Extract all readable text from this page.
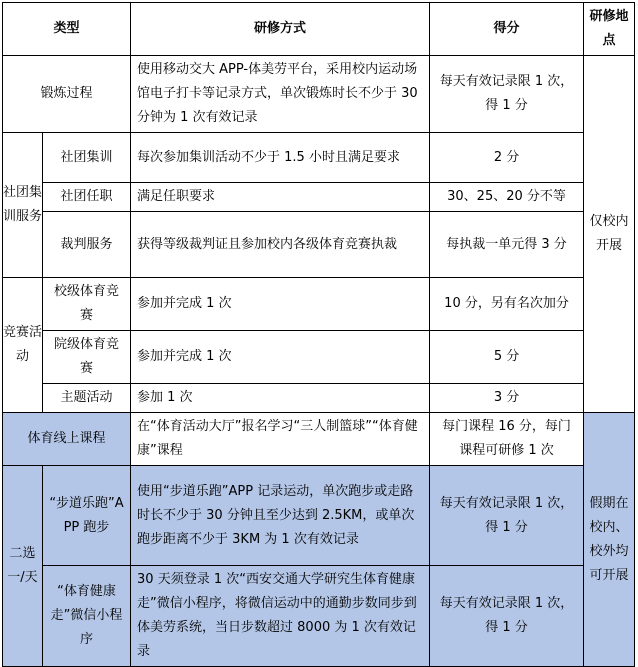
类型		研修方式	得分	研修地点
锻炼过程		使用移动交大 APP-体美劳平台，采用校内运动场馆电子打卡等记录方式，单次锻炼时长不少于 30 分钟为 1 次有效记录	每天有效记录限 1 次，得 1 分	仅校内开展
社团集训服务	社团集训	每次参加集训活动不少于 1.5 小时且满足要求	2 分	
	社团任职	满足任职要求	30、25、20 分不等	
	裁判服务	获得等级裁判证且参加校内各级体育竞赛执裁	每执裁一单元得 3 分	
竞赛活动	校级体育竞赛	参加并完成 1 次	10 分，另有名次加分	
	院级体育竞赛	参加并完成 1 次	5 分	
	主题活动	参加 1 次	3 分	
体育线上课程		在“体育活动大厅”报名学习“三人制篮球”“体育健康”课程	每门课程 16 分，每门课程可研修 1 次	假期在校内、校外均可开展
二选一/天	“步道乐跑”APP 跑步	使用“步道乐跑”APP 记录运动，单次跑步或走路时长不少于 30 分钟且至少达到 2.5KM，或单次跑步距离不少于 3KM 为 1 次有效记录	每天有效记录限 1 次，得 1 分	
	“体育健康走”微信小程序	30 天须登录 1 次“西安交通大学研究生体育健康走”微信小程序，将微信运动中的通勤步数同步到体美劳系统，当日步数超过 8000 为 1 次有效记录	每天有效记录限 1 次，得 1 分	
